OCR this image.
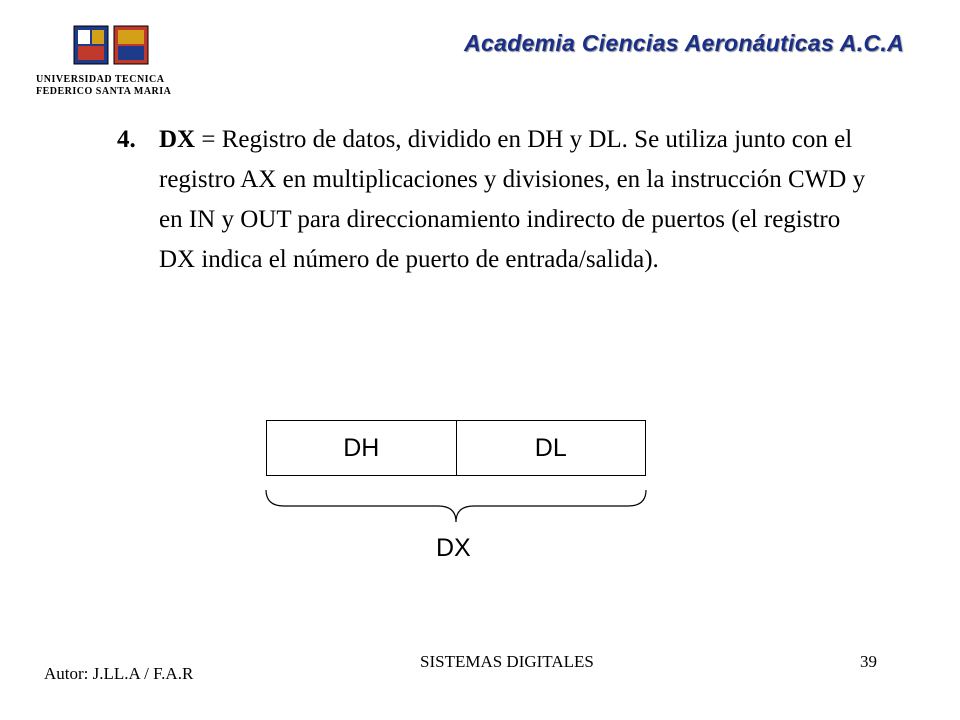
UNIVERSIDAD TECNICA
FEDERICO SANTA MARIA
Academia Ciencias Aeronáuticas A.C.A
4. DX = Registro de datos, dividido en DH y DL. Se utiliza junto con el registro AX en multiplicaciones y divisiones, en la instrucción CWD y en IN y OUT para direccionamiento indirecto de puertos (el registro DX indica el número de puerto de entrada/salida).
DH	DL
DX
Autor: J.LL.A / F.A.R
SISTEMAS DIGITALES	39
